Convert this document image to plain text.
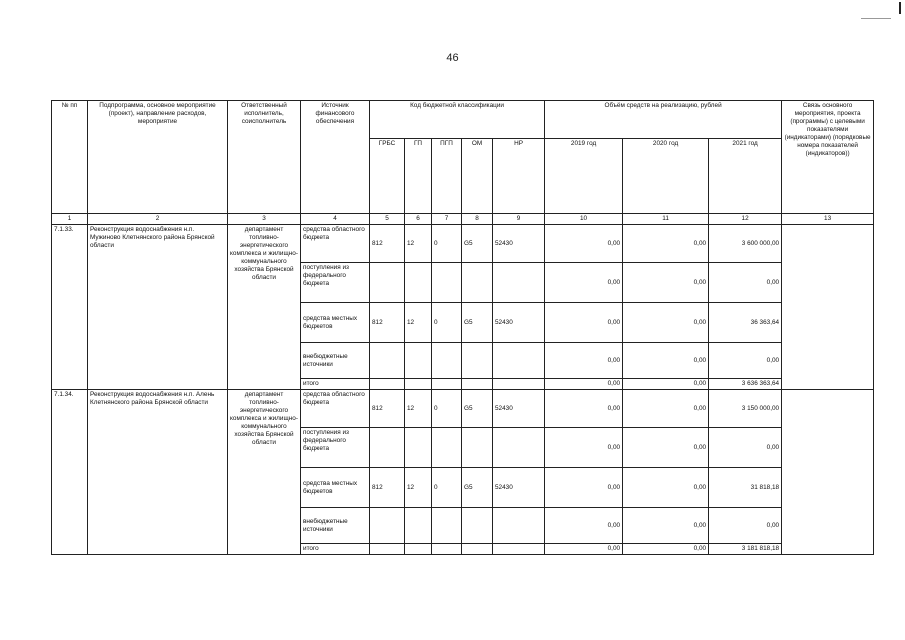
46
№ пп	Подпрограмма, основное мероприятие (проект), направление расходов, мероприятие	Ответственный исполнитель, соисполнитель	Источник финансового обеспечения	Код бюджетной классификации					Объём средств на реализацию, рублей			Связь основного мероприятия, проекта (программы) с целевыми показателями (индикаторами) (порядковые номера показателей (индикаторов))
				ГРБС	ГП	ПГП	ОМ	НР	2019 год	2020 год	2021 год	
1	2	3	4	5	6	7	8	9	10	11	12	13
7.1.33.	Реконструкция водоснабжения н.п. Мужиново Клетнянского района Брянской области	департамент топливно-энергетического комплекса и жилищно-коммунального хозяйства Брянской области	средства областного бюджета	812	12	0	G5	52430	0,00	0,00	3 600 000,00	
			поступления из федерального бюджета						0,00	0,00	0,00	
			средства местных бюджетов	812	12	0	G5	52430	0,00	0,00	36 363,64	
			внебюджетные источники						0,00	0,00	0,00	
			итого						0,00	0,00	3 636 363,64	
7.1.34.	Реконструкция водоснабжения н.п. Алень Клетнянского района Брянской области	департамент топливно-энергетического комплекса и жилищно-коммунального хозяйства Брянской области	средства областного бюджета	812	12	0	G5	52430	0,00	0,00	3 150 000,00	
			поступления из федерального бюджета						0,00	0,00	0,00	
			средства местных бюджетов	812	12	0	G5	52430	0,00	0,00	31 818,18	
			внебюджетные источники						0,00	0,00	0,00	
			итого						0,00	0,00	3 181 818,18	
